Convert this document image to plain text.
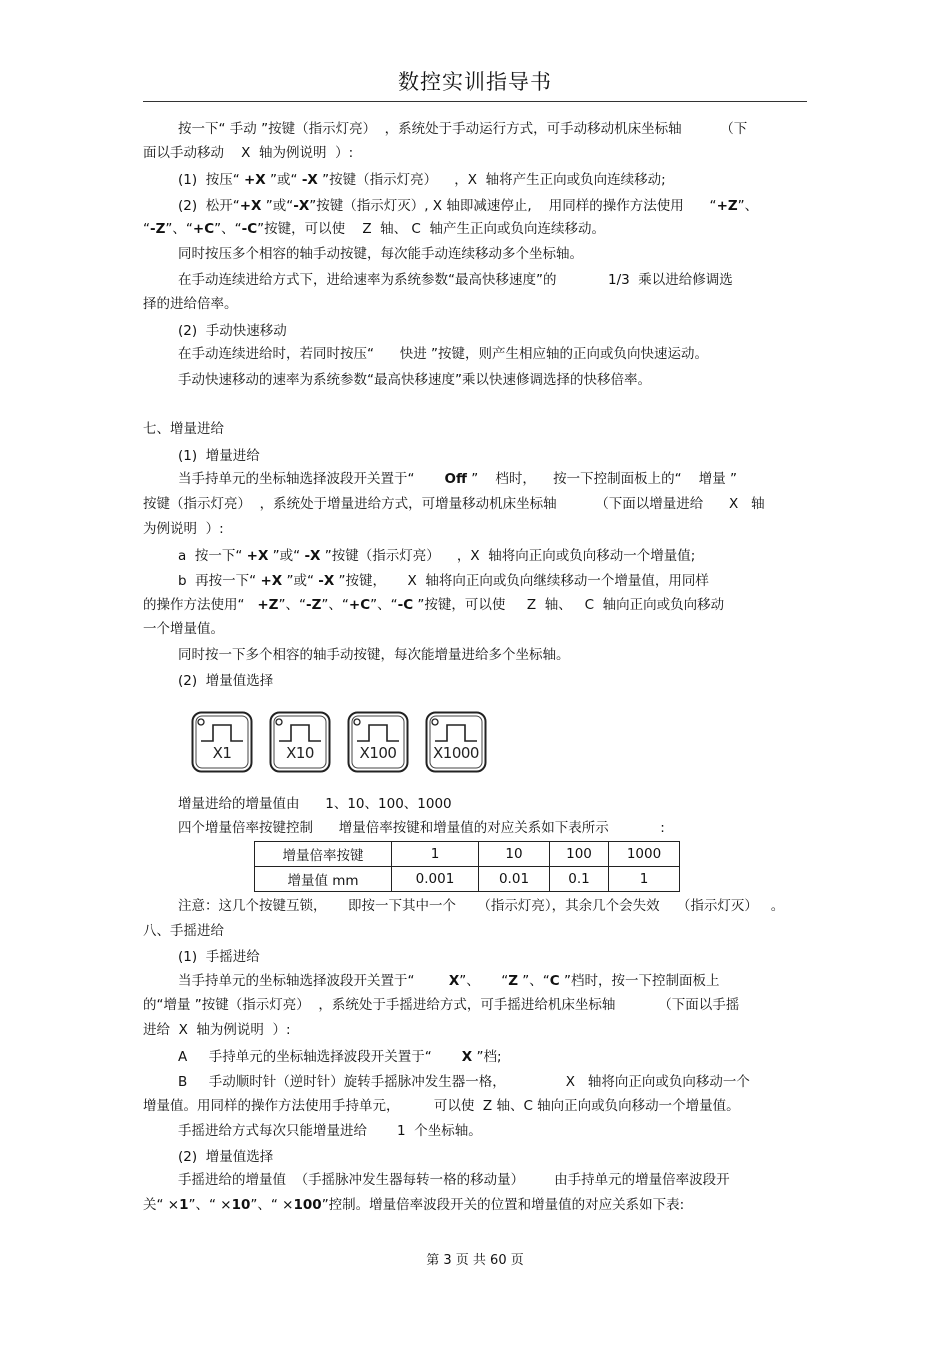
数控实训指导书
按一下“ 手动 ”按键（指示灯亮）  ，系统处于手动运行方式，可手动移动机床坐标轴         （下
面以手动移动    X  轴为例说明  ）:
(1)  按压“ +X ”或“ -X ”按键（指示灯亮）    ，X  轴将产生正向或负向连续移动;
(2)  松开“+X ”或“-X”按键（指示灯灭）, X 轴即减速停止,    用同样的操作方法使用      “+Z”、
“-Z”、“+C”、“-C”按键，可以使    Z  轴、 C  轴产生正向或负向连续移动。
同时按压多个相容的轴手动按键，每次能手动连续移动多个坐标轴。
在手动连续进给方式下，进给速率为系统参数“最高快移速度”的            1/3  乘以进给修调选
择的进给倍率。
(2)  手动快速移动
在手动连续进给时，若同时按压“      快进 ”按键，则产生相应轴的正向或负向快速运动。
手动快速移动的速率为系统参数“最高快移速度”乘以快速修调选择的快移倍率。
七、增量进给
(1)  增量进给
当手持单元的坐标轴选择波段开关置于“       Off ”    档时，    按一下控制面板上的“    增量 ”
按键（指示灯亮）  ，系统处于增量进给方式，可增量移动机床坐标轴         （下面以增量进给      X   轴
为例说明  ）:
a  按一下“ +X ”或“ -X ”按键（指示灯亮）    ，X  轴将向正向或负向移动一个增量值;
b  再按一下“ +X ”或“ -X ”按键，     X  轴将向正向或负向继续移动一个增量值，用同样
的操作方法使用“   +Z”、“-Z”、“+C”、“-C ”按键，可以使     Z  轴、   C  轴向正向或负向移动
一个增量值。
同时按一下多个相容的轴手动按键，每次能增量进给多个坐标轴。
(2)  增量值选择
X1	X10	X100	X1000
增量进给的增量值由      1、10、100、1000
四个增量倍率按键控制      增量倍率按键和增量值的对应关系如下表所示            :
增量倍率按键	1	10	100	1000
增量值 mm	0.001	0.01	0.1	1
注意：这几个按键互锁，     即按一下其中一个     （指示灯亮），其余几个会失效    （指示灯灭）   。
八、手摇进给
(1)  手摇进给
当手持单元的坐标轴选择波段开关置于“        X”、     “Z ”、“C ”档时，按一下控制面板上
的“增量 ”按键（指示灯亮）  ，系统处于手摇进给方式，可手摇进给机床坐标轴          （下面以手摇
进给  X  轴为例说明  ）:
A     手持单元的坐标轴选择波段开关置于“       X ”档;
B     手动顺时针（逆时针）旋转手摇脉冲发生器一格，              X   轴将向正向或负向移动一个
增量值。用同样的操作方法使用手持单元，        可以使  Z 轴、C 轴向正向或负向移动一个增量值。
手摇进给方式每次只能增量进给       1  个坐标轴。
(2)  增量值选择
手摇进给的增量值  （手摇脉冲发生器每转一格的移动量）       由手持单元的增量倍率波段开
关“ ×1”、“ ×10”、“ ×100”控制。增量倍率波段开关的位置和增量值的对应关系如下表:
第 3 页 共 60 页
